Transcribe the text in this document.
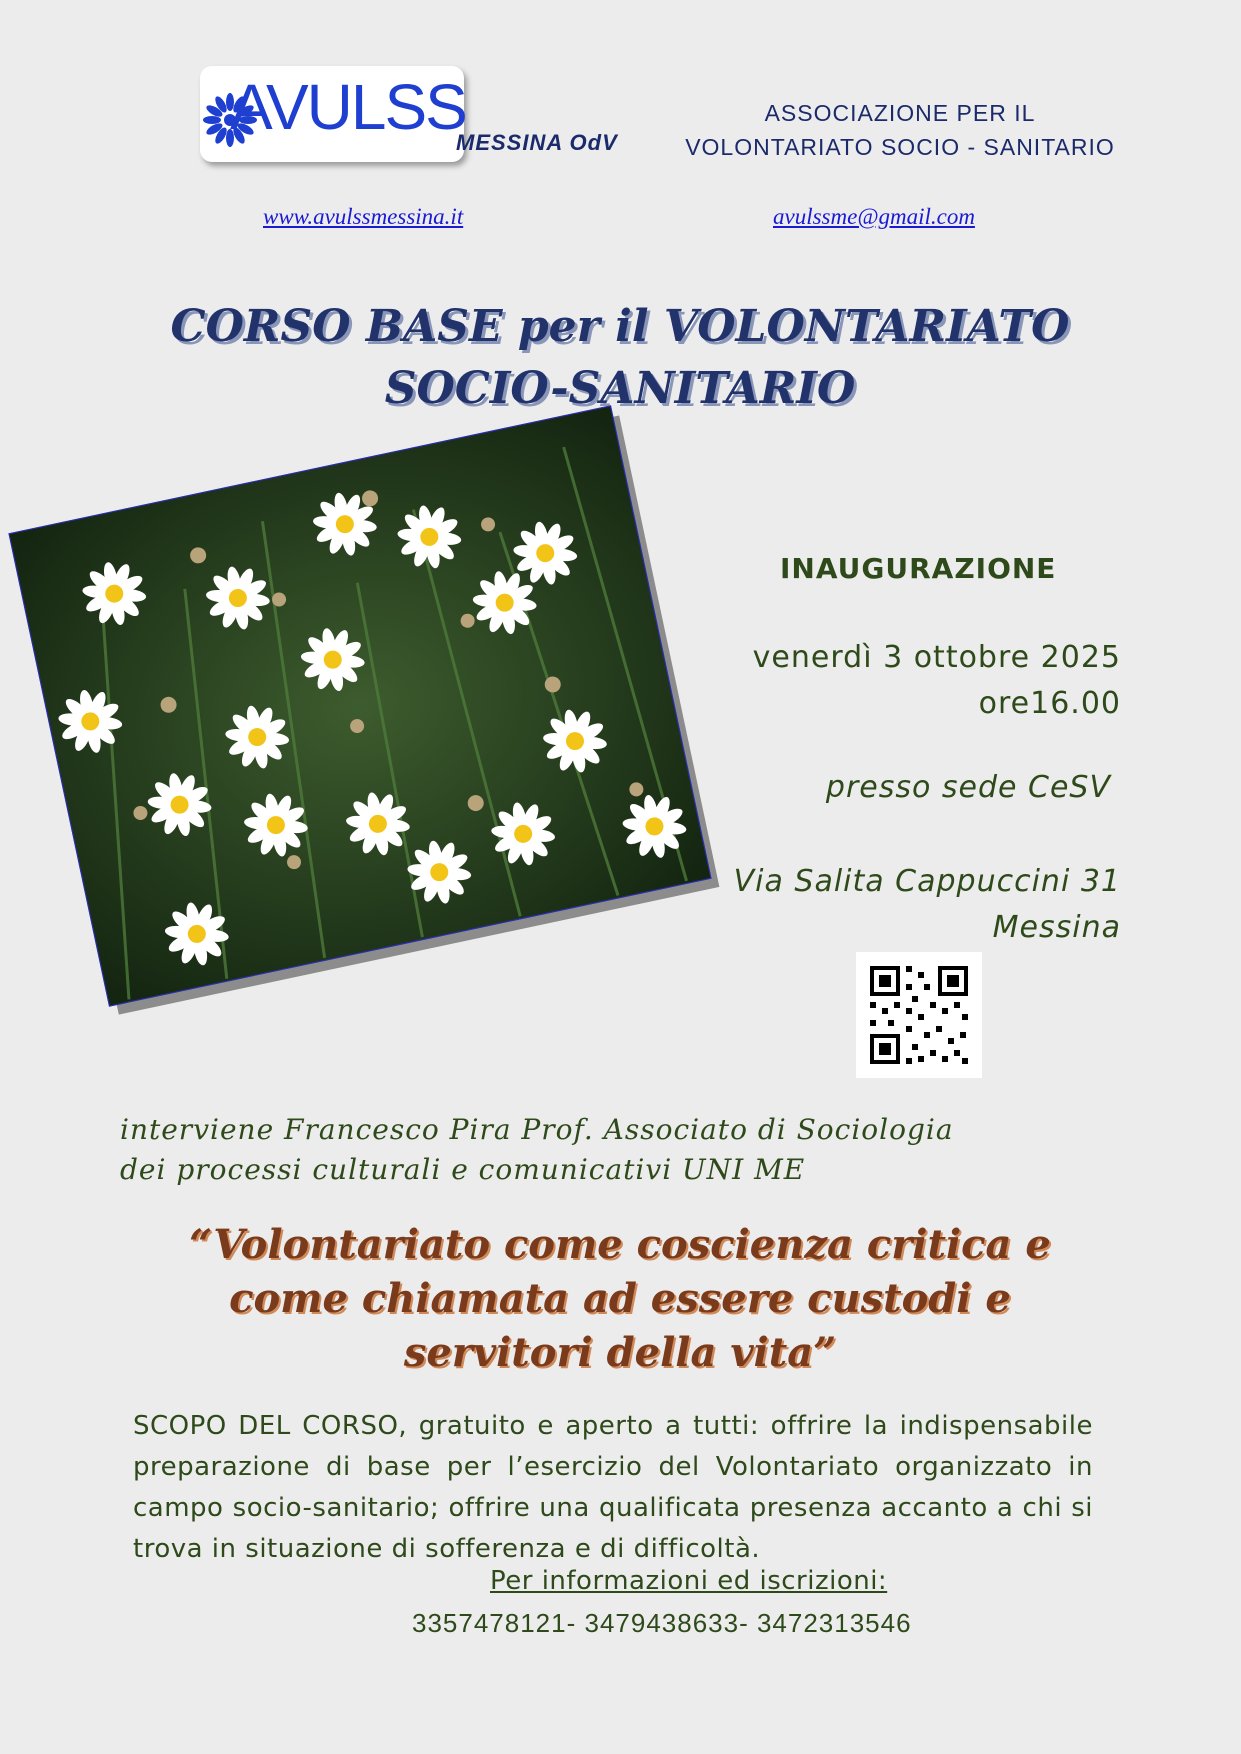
AVULSS
MESSINA OdV
ASSOCIAZIONE PER IL
VOLONTARIATO SOCIO - SANITARIO
www.avulssmessina.it	avulssme@gmail.com
CORSO BASE per il VOLONTARIATO
SOCIO-SANITARIO
INAUGURAZIONE
venerdì 3 ottobre 2025
ore16.00
presso sede CeSV
Via Salita Cappuccini 31
Messina
interviene Francesco Pira Prof. Associato di Sociologia
dei processi culturali e comunicativi UNI ME
“Volontariato come coscienza critica e
come chiamata ad essere custodi e
servitori della vita”
SCOPO DEL CORSO, gratuito e aperto a tutti: offrire la indispensabile preparazione di base per l’esercizio del Volontariato organizzato in campo socio-sanitario; offrire una qualificata presenza accanto a chi si trova in situazione di sofferenza e di difficoltà.
Per informazioni ed iscrizioni:
3357478121- 3479438633- 3472313546
